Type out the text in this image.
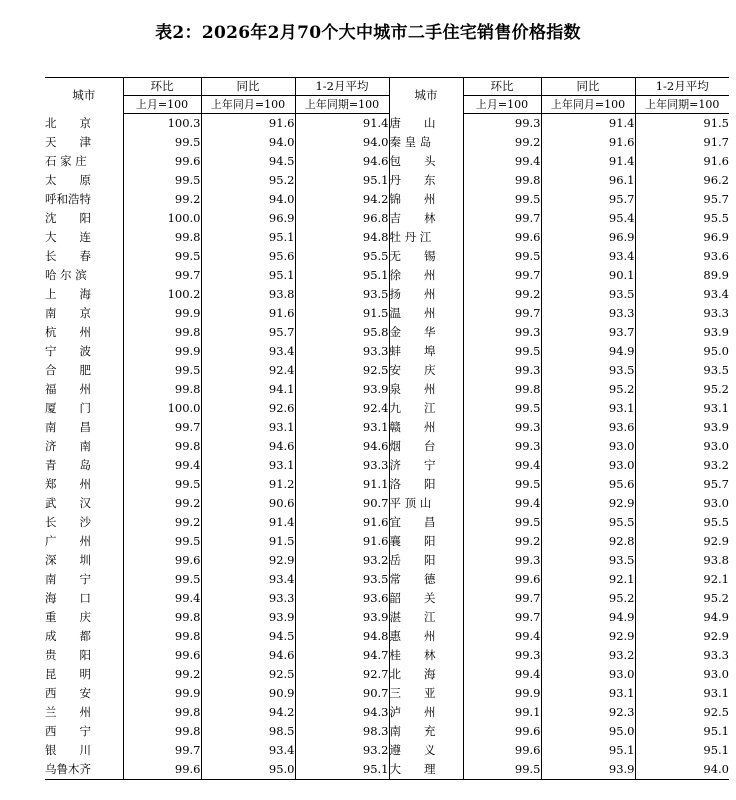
表2：2026年2月70个大中城市二手住宅销售价格指数
城市	环比	同比	1-2月平均	城市	环比	同比	1-2月平均
	上月=100	上年同月=100	上年同期=100		上月=100	上年同月=100	上年同期=100
北　　京	100.3	91.6	91.4	唐　　山	99.3	91.4	91.5
天　　津	99.5	94.0	94.0	秦 皇 岛	99.2	91.6	91.7
石 家 庄	99.6	94.5	94.6	包　　头	99.4	91.4	91.6
太　　原	99.5	95.2	95.1	丹　　东	99.8	96.1	96.2
呼和浩特	99.2	94.0	94.2	锦　　州	99.5	95.7	95.7
沈　　阳	100.0	96.9	96.8	吉　　林	99.7	95.4	95.5
大　　连	99.8	95.1	94.8	牡 丹 江	99.6	96.9	96.9
长　　春	99.5	95.6	95.5	无　　锡	99.5	93.4	93.6
哈 尔 滨	99.7	95.1	95.1	徐　　州	99.7	90.1	89.9
上　　海	100.2	93.8	93.5	扬　　州	99.2	93.5	93.4
南　　京	99.9	91.6	91.5	温　　州	99.7	93.3	93.3
杭　　州	99.8	95.7	95.8	金　　华	99.3	93.7	93.9
宁　　波	99.9	93.4	93.3	蚌　　埠	99.5	94.9	95.0
合　　肥	99.5	92.4	92.5	安　　庆	99.3	93.5	93.5
福　　州	99.8	94.1	93.9	泉　　州	99.8	95.2	95.2
厦　　门	100.0	92.6	92.4	九　　江	99.5	93.1	93.1
南　　昌	99.7	93.1	93.1	赣　　州	99.3	93.6	93.9
济　　南	99.8	94.6	94.6	烟　　台	99.3	93.0	93.0
青　　岛	99.4	93.1	93.3	济　　宁	99.4	93.0	93.2
郑　　州	99.5	91.2	91.1	洛　　阳	99.5	95.6	95.7
武　　汉	99.2	90.6	90.7	平 顶 山	99.4	92.9	93.0
长　　沙	99.2	91.4	91.6	宜　　昌	99.5	95.5	95.5
广　　州	99.5	91.5	91.6	襄　　阳	99.2	92.8	92.9
深　　圳	99.6	92.9	93.2	岳　　阳	99.3	93.5	93.8
南　　宁	99.5	93.4	93.5	常　　德	99.6	92.1	92.1
海　　口	99.4	93.3	93.6	韶　　关	99.7	95.2	95.2
重　　庆	99.8	93.9	93.9	湛　　江	99.7	94.9	94.9
成　　都	99.8	94.5	94.8	惠　　州	99.4	92.9	92.9
贵　　阳	99.6	94.6	94.7	桂　　林	99.3	93.2	93.3
昆　　明	99.2	92.5	92.7	北　　海	99.4	93.0	93.0
西　　安	99.9	90.9	90.7	三　　亚	99.9	93.1	93.1
兰　　州	99.8	94.2	94.3	泸　　州	99.1	92.3	92.5
西　　宁	99.8	98.5	98.3	南　　充	99.6	95.0	95.1
银　　川	99.7	93.4	93.2	遵　　义	99.6	95.1	95.1
乌鲁木齐	99.6	95.0	95.1	大　　理	99.5	93.9	94.0
